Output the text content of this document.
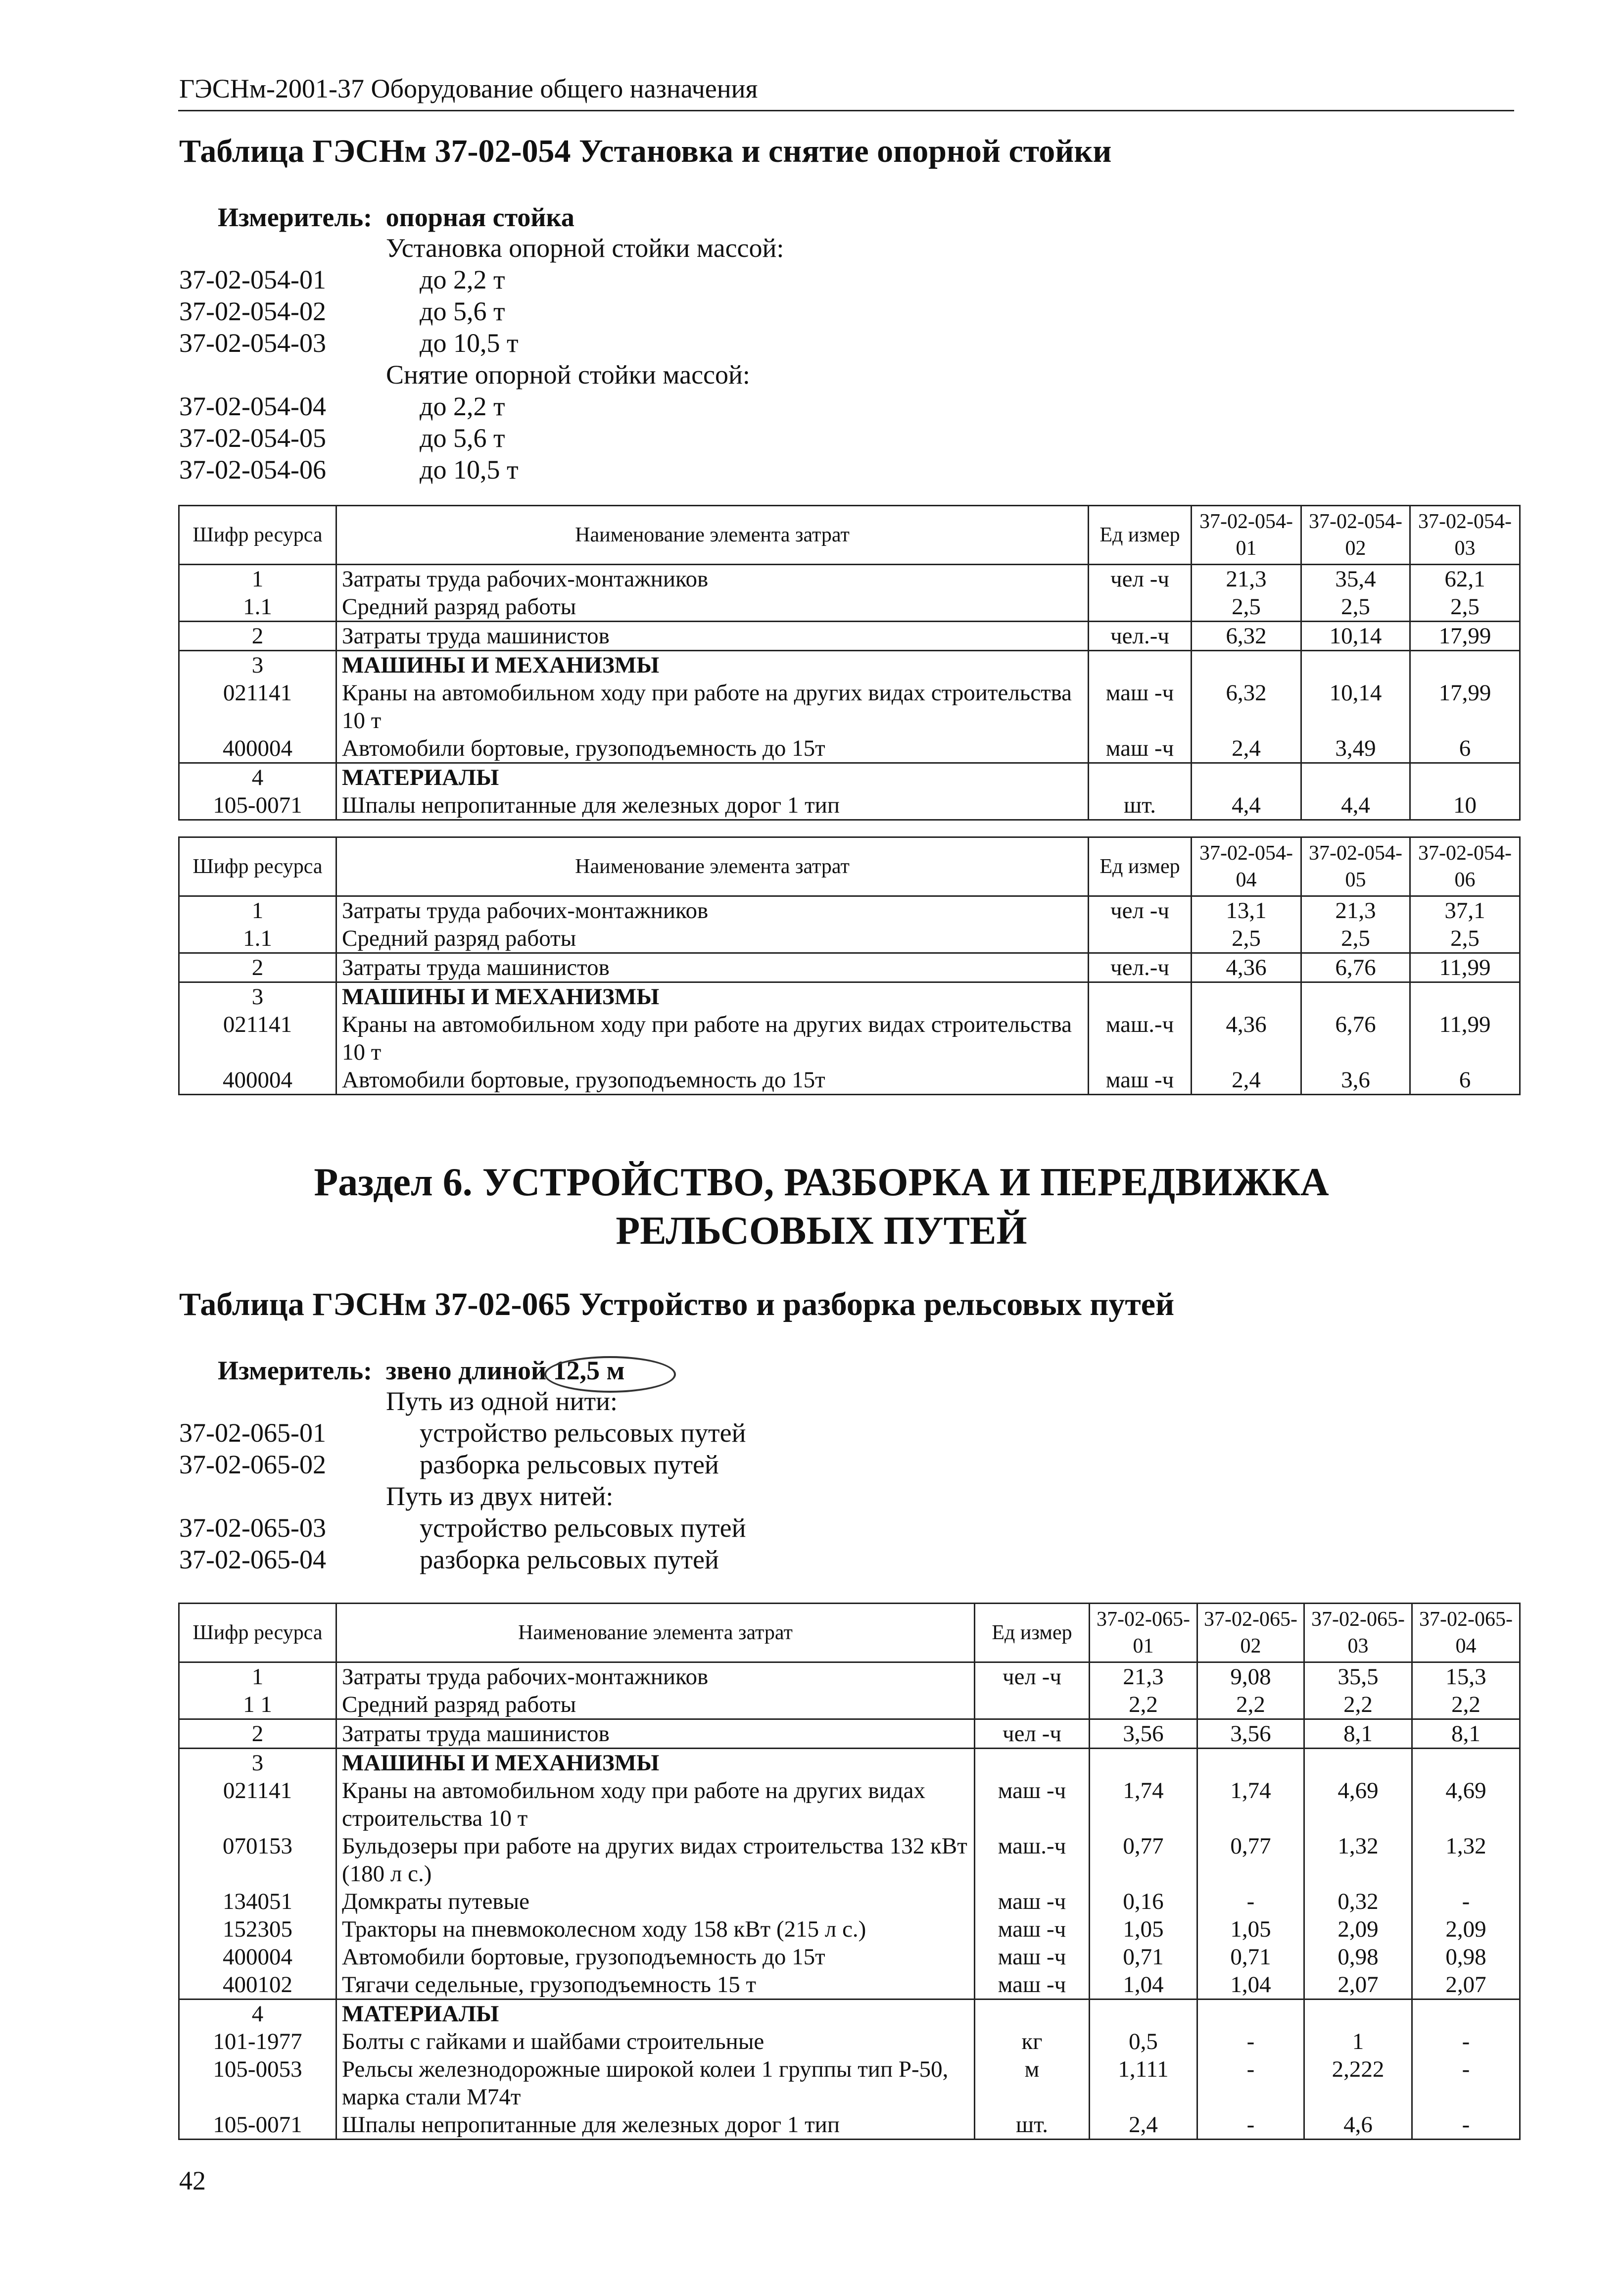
ГЭСНм-2001-37 Оборудование общего назначения
Таблица ГЭСНм 37-02-054 Установка и снятие опорной стойки
Измеритель: опорная стойка
Установка опорной стойки массой:
37-02-054-01	до 2,2 т
37-02-054-02	до 5,6 т
37-02-054-03	до 10,5 т
Снятие опорной стойки массой:
37-02-054-04	до 2,2 т
37-02-054-05	до 5,6 т
37-02-054-06	до 10,5 т
Шифр ресурса	Наименование элемента затрат	Ед измер	37-02-054-01	37-02-054-02	37-02-054-03
1	Затраты труда рабочих-монтажников	чел -ч	21,3	35,4	62,1
1.1	Средний разряд работы		2,5	2,5	2,5
2	Затраты труда машинистов	чел.-ч	6,32	10,14	17,99
3	МАШИНЫ И МЕХАНИЗМЫ				
021141	Краны на автомобильном ходу при работе на других видах строительства 10 т	маш -ч	6,32	10,14	17,99
400004	Автомобили бортовые, грузоподъемность до 15т	маш -ч	2,4	3,49	6
4	МАТЕРИАЛЫ				
105-0071	Шпалы непропитанные для железных дорог 1 тип	шт.	4,4	4,4	10
Шифр ресурса	Наименование элемента затрат	Ед измер	37-02-054-04	37-02-054-05	37-02-054-06
1	Затраты труда рабочих-монтажников	чел -ч	13,1	21,3	37,1
1.1	Средний разряд работы		2,5	2,5	2,5
2	Затраты труда машинистов	чел.-ч	4,36	6,76	11,99
3	МАШИНЫ И МЕХАНИЗМЫ				
021141	Краны на автомобильном ходу при работе на других видах строительства 10 т	маш.-ч	4,36	6,76	11,99
400004	Автомобили бортовые, грузоподъемность до 15т	маш -ч	2,4	3,6	6
Раздел 6. УСТРОЙСТВО, РАЗБОРКА И ПЕРЕДВИЖКА РЕЛЬСОВЫХ ПУТЕЙ
Таблица ГЭСНм 37-02-065 Устройство и разборка рельсовых путей
Измеритель: звено длиной 12,5 м
Путь из одной нити:
37-02-065-01	устройство рельсовых путей
37-02-065-02	разборка рельсовых путей
Путь из двух нитей:
37-02-065-03	устройство рельсовых путей
37-02-065-04	разборка рельсовых путей
Шифр ресурса	Наименование элемента затрат	Ед измер	37-02-065-01	37-02-065-02	37-02-065-03	37-02-065-04
1	Затраты труда рабочих-монтажников	чел -ч	21,3	9,08	35,5	15,3
1 1	Средний разряд работы		2,2	2,2	2,2	2,2
2	Затраты труда машинистов	чел -ч	3,56	3,56	8,1	8,1
3	МАШИНЫ И МЕХАНИЗМЫ					
021141	Краны на автомобильном ходу при работе на других видах строительства 10 т	маш -ч	1,74	1,74	4,69	4,69
070153	Бульдозеры при работе на других видах строительства 132 кВт (180 л с.)	маш.-ч	0,77	0,77	1,32	1,32
134051	Домкраты путевые	маш -ч	0,16	-	0,32	-
152305	Тракторы на пневмоколесном ходу 158 кВт (215 л с.)	маш -ч	1,05	1,05	2,09	2,09
400004	Автомобили бортовые, грузоподъемность до 15т	маш -ч	0,71	0,71	0,98	0,98
400102	Тягачи седельные, грузоподъемность 15 т	маш -ч	1,04	1,04	2,07	2,07
4	МАТЕРИАЛЫ					
101-1977	Болты с гайками и шайбами строительные	кг	0,5	-	1	-
105-0053	Рельсы железнодорожные широкой колеи 1 группы тип Р-50, марка стали М74т	м	1,111	-	2,222	-
105-0071	Шпалы непропитанные для железных дорог 1 тип	шт.	2,4	-	4,6	-
42
